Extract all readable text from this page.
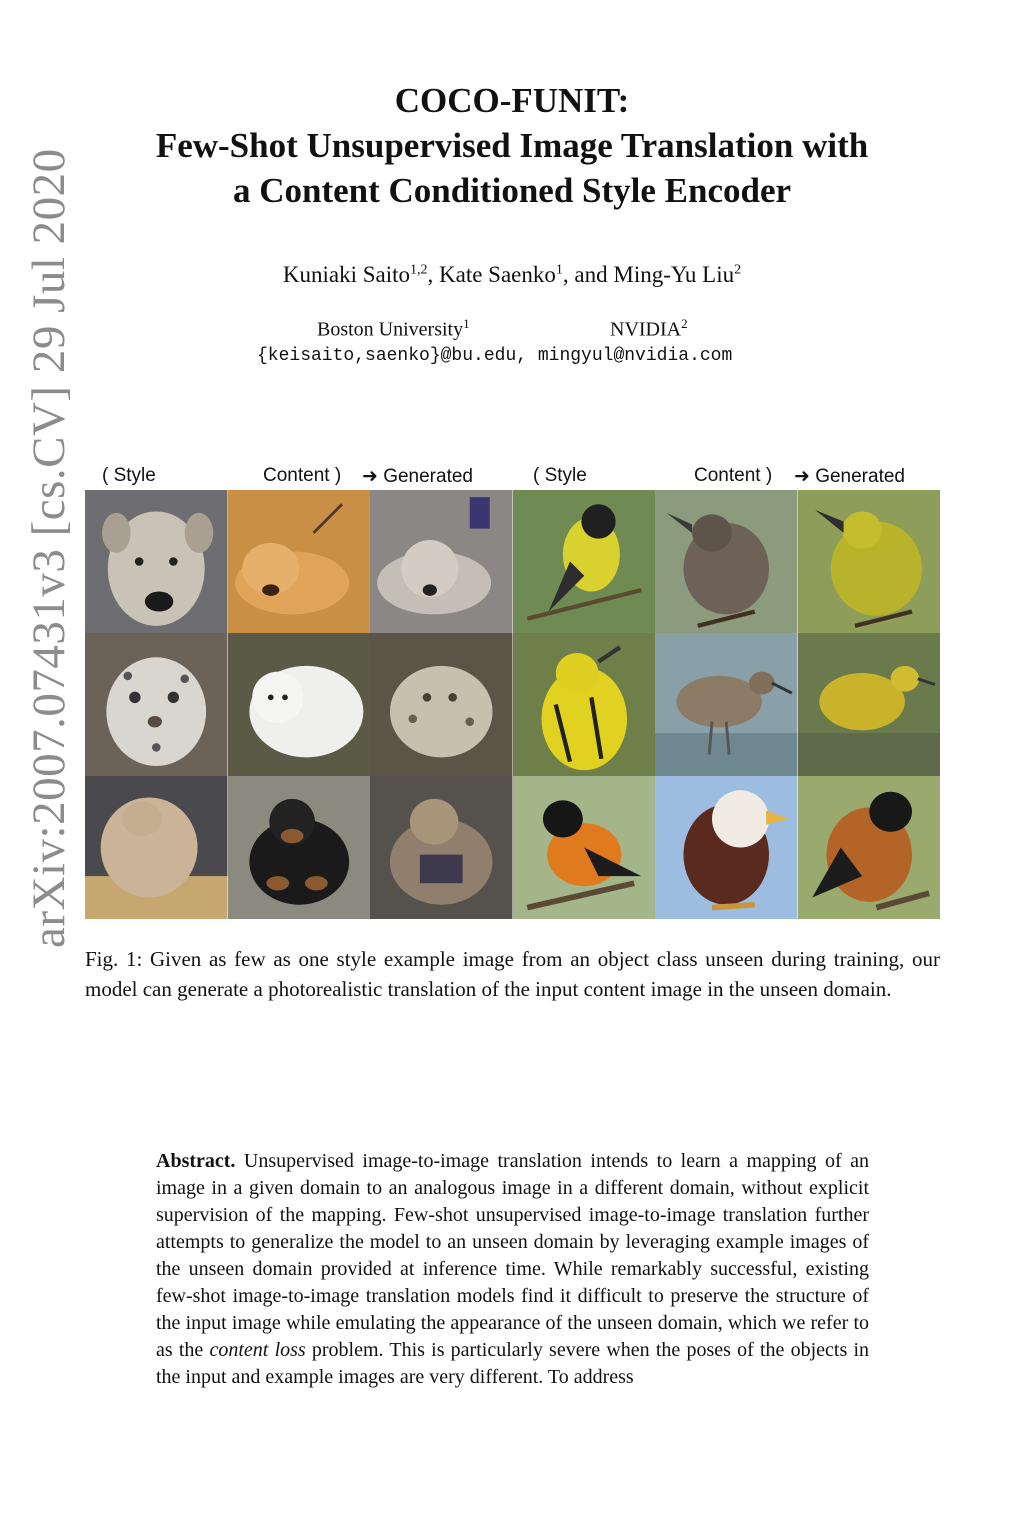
arXiv:2007.07431v3 [cs.CV] 29 Jul 2020
COCO-FUNIT:
Few-Shot Unsupervised Image Translation with
a Content Conditioned Style Encoder
Kuniaki Saito$^{1,2}$, Kate Saenko$^1$, and Ming-Yu Liu$^2$
Boston University$^1$	NVIDIA$^2$
{keisaito,saenko}@bu.edu, mingyul@nvidia.com
( Style	Content ) ➜ Generated	( Style	Content ) ➜ Generated
Fig. 1: Given as few as one style example image from an object class unseen during training, our model can generate a photorealistic translation of the input content image in the unseen domain.
Abstract. Unsupervised image-to-image translation intends to learn a mapping of an image in a given domain to an analogous image in a different domain, without explicit supervision of the mapping. Few-shot unsupervised image-to-image translation further attempts to generalize the model to an unseen domain by leveraging example images of the unseen domain provided at inference time. While remarkably successful, existing few-shot image-to-image translation models find it difficult to preserve the structure of the input image while emulating the appearance of the unseen domain, which we refer to as the content loss problem. This is particularly severe when the poses of the objects in the input and example images are very different. To address
